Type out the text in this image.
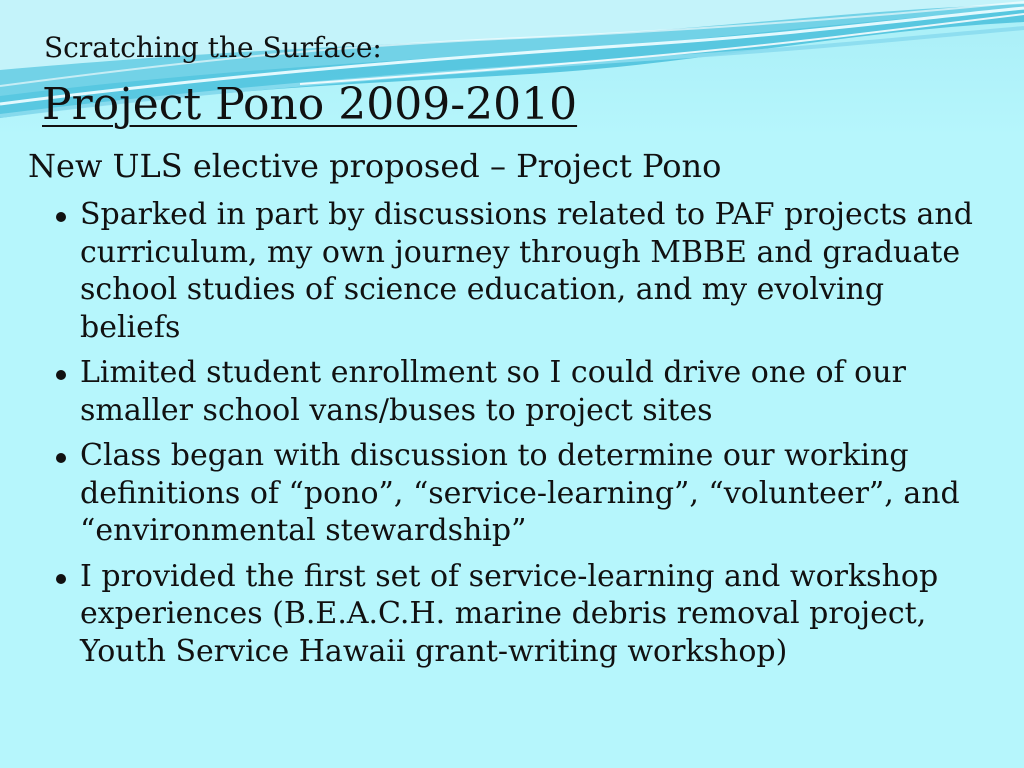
Scratching the Surface:
Project Pono 2009-2010
New ULS elective proposed – Project Pono
Sparked in part by discussions related to PAF projects and curriculum, my own journey through MBBE and graduate school studies of science education, and my evolving beliefs
Limited student enrollment so I could drive one of our smaller school vans/buses to project sites
Class began with discussion to determine our working definitions of “pono”, “service-learning”, “volunteer”, and “environmental stewardship”
I provided the first set of service-learning and workshop experiences (B.E.A.C.H. marine debris removal project, Youth Service Hawaii grant-writing workshop)
